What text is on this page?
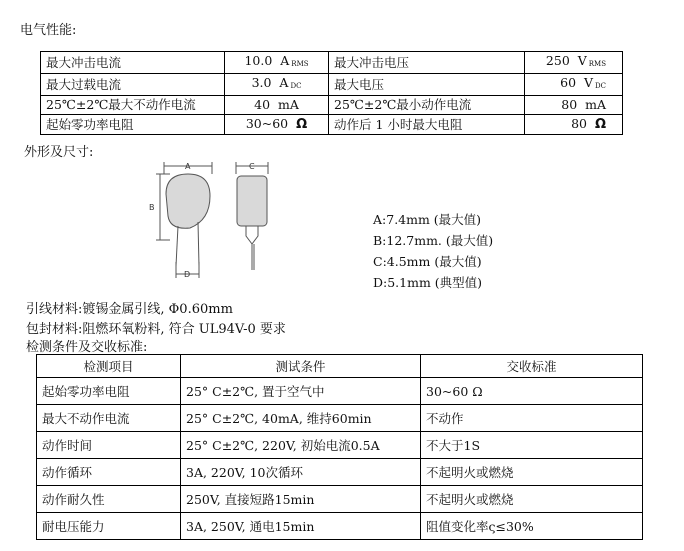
电气性能:
最大冲击电流	10.0 A $_{RMS}$	最大冲击电压	250 V $_{RMS}$
最大过载电流	3.0 A $_{DC}$	最大电压	60 V $_{DC}$
25℃±2℃最大不动作电流	40 mA	25℃±2℃最小动作电流	80 mA
起始零功率电阻	30~60 Ω	动作后 1 小时最大电阻	80 Ω
外形及尺寸:
A
B
C
D
A:7.4mm (最大值)
B:12.7mm. (最大值)
C:4.5mm (最大值)
D:5.1mm (典型值)
引线材料:镀锡金属引线, Φ0.60mm
包封材料:阻燃环氧粉料, 符合 UL94V-0 要求
检测条件及交收标准:
检测项目	测试条件	交收标准
起始零功率电阻	25° C±2℃, 置于空气中	30~60 Ω
最大不动作电流	25° C±2℃, 40mA, 维持60min	不动作
动作时间	25° C±2℃, 220V, 初始电流0.5A	不大于1S
动作循环	3A, 220V, 10次循环	不起明火或燃烧
动作耐久性	250V, 直接短路15min	不起明火或燃烧
耐电压能力	3A, 250V, 通电15min	阻值变化率ς≤30%
